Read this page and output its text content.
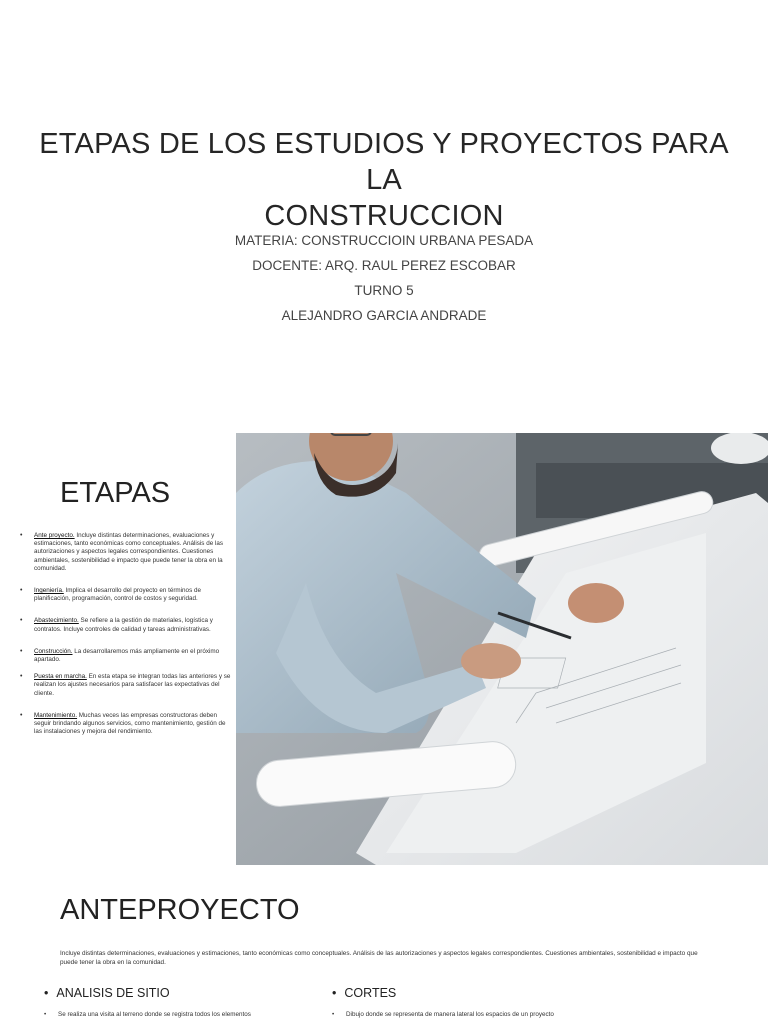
ETAPAS DE LOS ESTUDIOS Y PROYECTOS PARA LA
CONSTRUCCION
MATERIA: CONSTRUCCIOIN URBANA PESADA
DOCENTE: ARQ. RAUL PEREZ ESCOBAR
TURNO 5
ALEJANDRO GARCIA ANDRADE
ETAPAS
• Ante proyecto. Incluye distintas determinaciones, evaluaciones y estimaciones, tanto económicas como conceptuales. Análisis de las autorizaciones y aspectos legales correspondientes. Cuestiones ambientales, sostenibilidad e impacto que puede tener la obra en la comunidad.
• Ingeniería. Implica el desarrollo del proyecto en términos de planificación, programación, control de costos y seguridad.
• Abastecimiento. Se refiere a la gestión de materiales, logística y contratos. Incluye controles de calidad y tareas administrativas.
• Construcción. La desarrollaremos más ampliamente en el próximo apartado.
• Puesta en marcha. En esta etapa se integran todas las anteriores y se realizan los ajustes necesarios para satisfacer las expectativas del cliente.
• Mantenimiento. Muchas veces las empresas constructoras deben seguir brindando algunos servicios, como mantenimiento, gestión de las instalaciones y mejora del rendimiento.
ANTEPROYECTO
Incluye distintas determinaciones, evaluaciones y estimaciones, tanto económicas como conceptuales. Análisis de las autorizaciones y aspectos legales correspondientes. Cuestiones ambientales, sostenibilidad e impacto que puede tener la obra en la comunidad.
• ANALISIS DE SITIO
• Se realiza una visita al terreno donde se registra todos los elementos
• CORTES
• Dibujo donde se representa de manera lateral los espacios de un proyecto
